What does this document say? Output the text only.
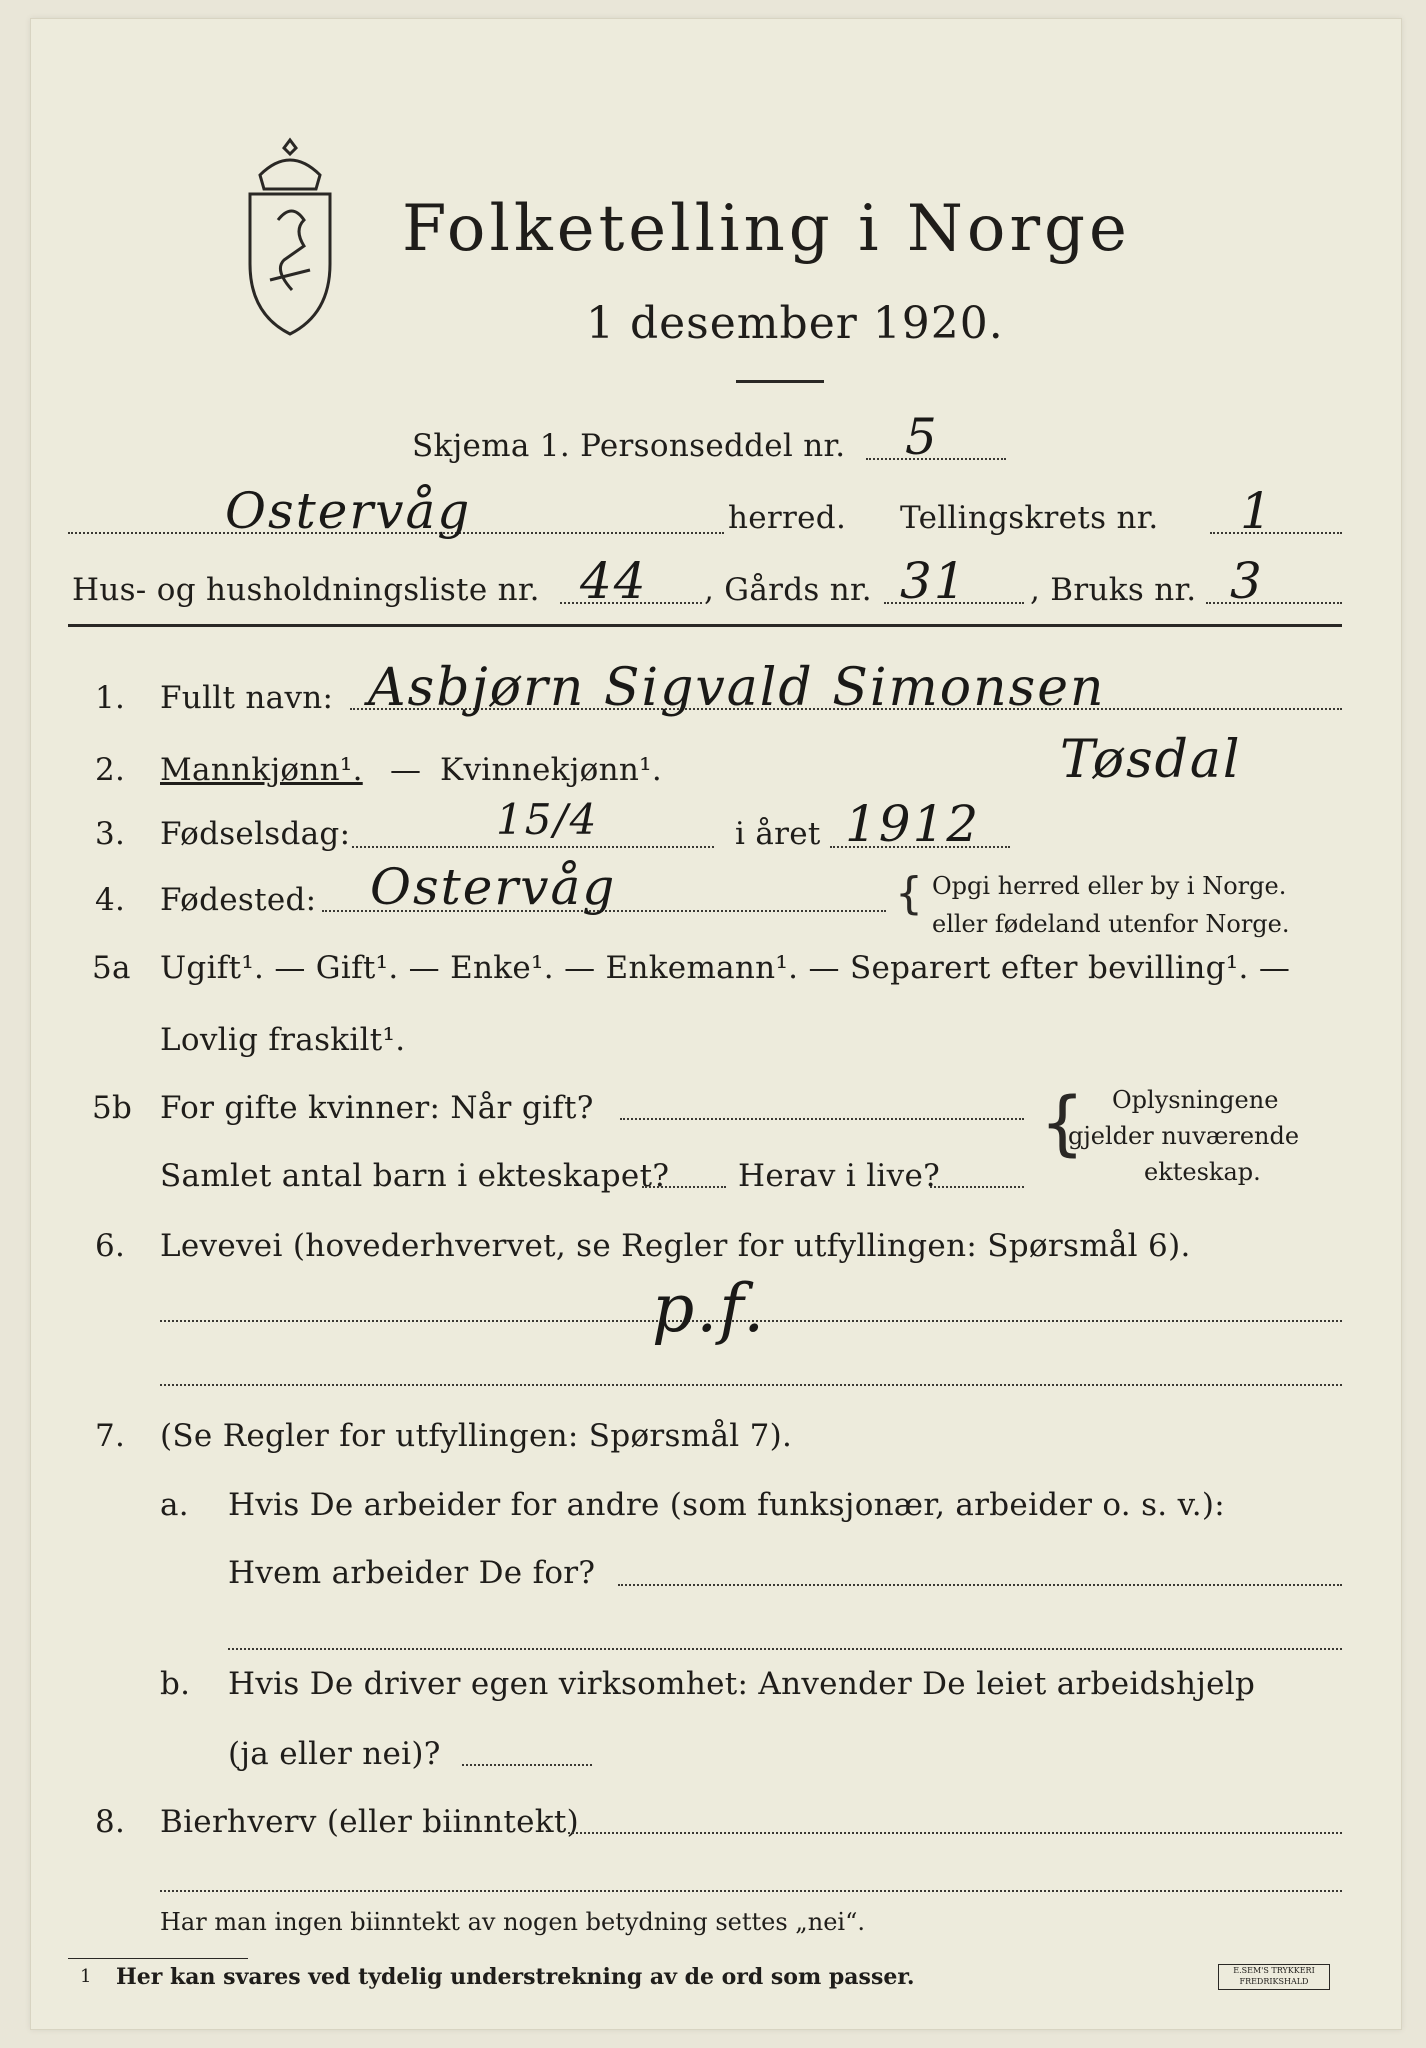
Folketelling i Norge
1 desember 1920.
Skjema 1. Personseddel nr. 5
Ostervåg	herred. Tellingskrets nr. 1
Hus- og husholdningsliste nr. 44 , Gårds nr. 31 , Bruks nr. 3
1. Fullt navn: Asbjørn Sigvald Simonsen
Tøsdal
2. Mannkjønn¹. — Kvinnekjønn¹.
3. Fødselsdag:	15/4	i året 1912
4. Fødested: Ostervåg	{ Opgi herred eller by i Norge.
eller fødeland utenfor Norge.
5a Ugift¹. — Gift¹. — Enke¹. — Enkemann¹. — Separert efter bevilling¹. —
Lovlig fraskilt¹.
5b For gifte kvinner: Når gift?
Samlet antal barn i ekteskapet? Herav i live?
{ Oplysningene
gjelder nuværende
ekteskap.
6. Levevei (hovederhvervet, se Regler for utfyllingen: Spørsmål 6).
p.f.
7. (Se Regler for utfyllingen: Spørsmål 7).
a. Hvis De arbeider for andre (som funksjonær, arbeider o. s. v.):
Hvem arbeider De for?
b. Hvis De driver egen virksomhet: Anvender De leiet arbeidshjelp
(ja eller nei)?
8. Bierhverv (eller biinntekt)
Har man ingen biinntekt av nogen betydning settes „nei“.
1 Her kan svares ved tydelig understrekning av de ord som passer.	E.SEM'S TRYKKERI FREDRIKSHALD
